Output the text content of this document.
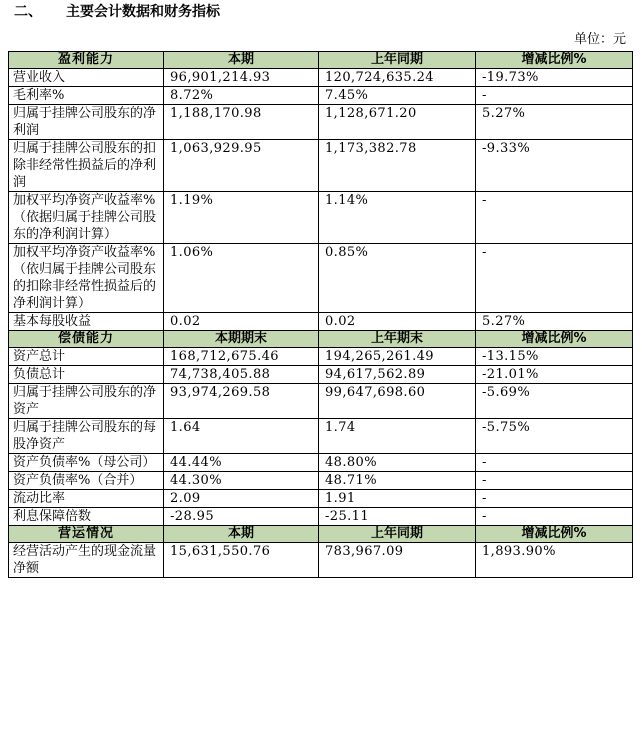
二、 主要会计数据和财务指标
单位：元
盈利能力	本期	上年同期	增减比例%
营业收入	96,901,214.93	120,724,635.24	-19.73%
毛利率%	8.72%	7.45%	-
归属于挂牌公司股东的净利润	1,188,170.98	1,128,671.20	5.27%
归属于挂牌公司股东的扣除非经常性损益后的净利润	1,063,929.95	1,173,382.78	-9.33%
加权平均净资产收益率%（依据归属于挂牌公司股东的净利润计算）	1.19%	1.14%	-
加权平均净资产收益率%（依归属于挂牌公司股东的扣除非经常性损益后的净利润计算）	1.06%	0.85%	-
基本每股收益	0.02	0.02	5.27%
偿债能力	本期期末	上年期末	增减比例%
资产总计	168,712,675.46	194,265,261.49	-13.15%
负债总计	74,738,405.88	94,617,562.89	-21.01%
归属于挂牌公司股东的净资产	93,974,269.58	99,647,698.60	-5.69%
归属于挂牌公司股东的每股净资产	1.64	1.74	-5.75%
资产负债率%（母公司）	44.44%	48.80%	-
资产负债率%（合并）	44.30%	48.71%	-
流动比率	2.09	1.91	-
利息保障倍数	-28.95	-25.11	-
营运情况	本期	上年同期	增减比例%
经营活动产生的现金流量净额	15,631,550.76	783,967.09	1,893.90%
